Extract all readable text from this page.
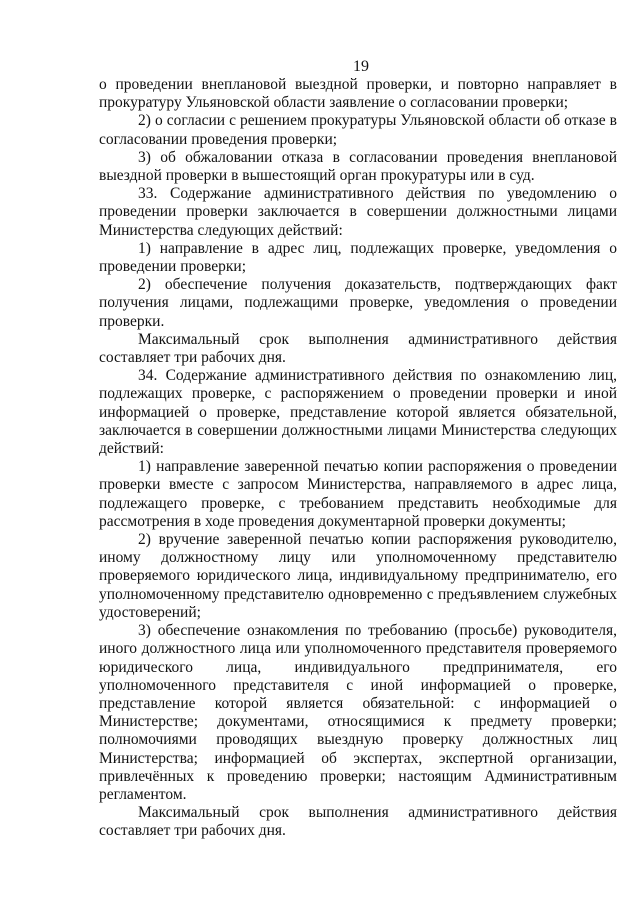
19

о проведении внеплановой выездной проверки, и повторно направляет в прокуратуру Ульяновской области заявление о согласовании проверки;

2) о согласии с решением прокуратуры Ульяновской области об отказе в согласовании проведения проверки;

3) об обжаловании отказа в согласовании проведения внеплановой выездной проверки в вышестоящий орган прокуратуры или в суд.

33. Содержание административного действия по уведомлению о проведении проверки заключается в совершении должностными лицами Министерства следующих действий:

1) направление в адрес лиц, подлежащих проверке, уведомления о проведении проверки;

2) обеспечение получения доказательств, подтверждающих факт получения лицами, подлежащими проверке, уведомления о проведении проверки.

Максимальный срок выполнения административного действия составляет три рабочих дня.

34. Содержание административного действия по ознакомлению лиц, подлежащих проверке, с распоряжением о проведении проверки и иной информацией о проверке, представление которой является обязательной, заключается в совершении должностными лицами Министерства следующих действий:

1) направление заверенной печатью копии распоряжения о проведении проверки вместе с запросом Министерства, направляемого в адрес лица, подлежащего проверке, с требованием представить необходимые для рассмотрения в ходе проведения документарной проверки документы;

2) вручение заверенной печатью копии распоряжения руководителю, иному должностному лицу или уполномоченному представителю проверяемого юридического лица, индивидуальному предпринимателю, его уполномоченному представителю одновременно с предъявлением служебных удостоверений;

3) обеспечение ознакомления по требованию (просьбе) руководителя, иного должностного лица или уполномоченного представителя проверяемого юридического лица, индивидуального предпринимателя, его уполномоченного представителя с иной информацией о проверке, представление которой является обязательной: с информацией о Министерстве; документами, относящимися к предмету проверки; полномочиями проводящих выездную проверку должностных лиц Министерства; информацией об экспертах, экспертной организации, привлечённых к проведению проверки; настоящим Административным регламентом.

Максимальный срок выполнения административного действия составляет три рабочих дня.
